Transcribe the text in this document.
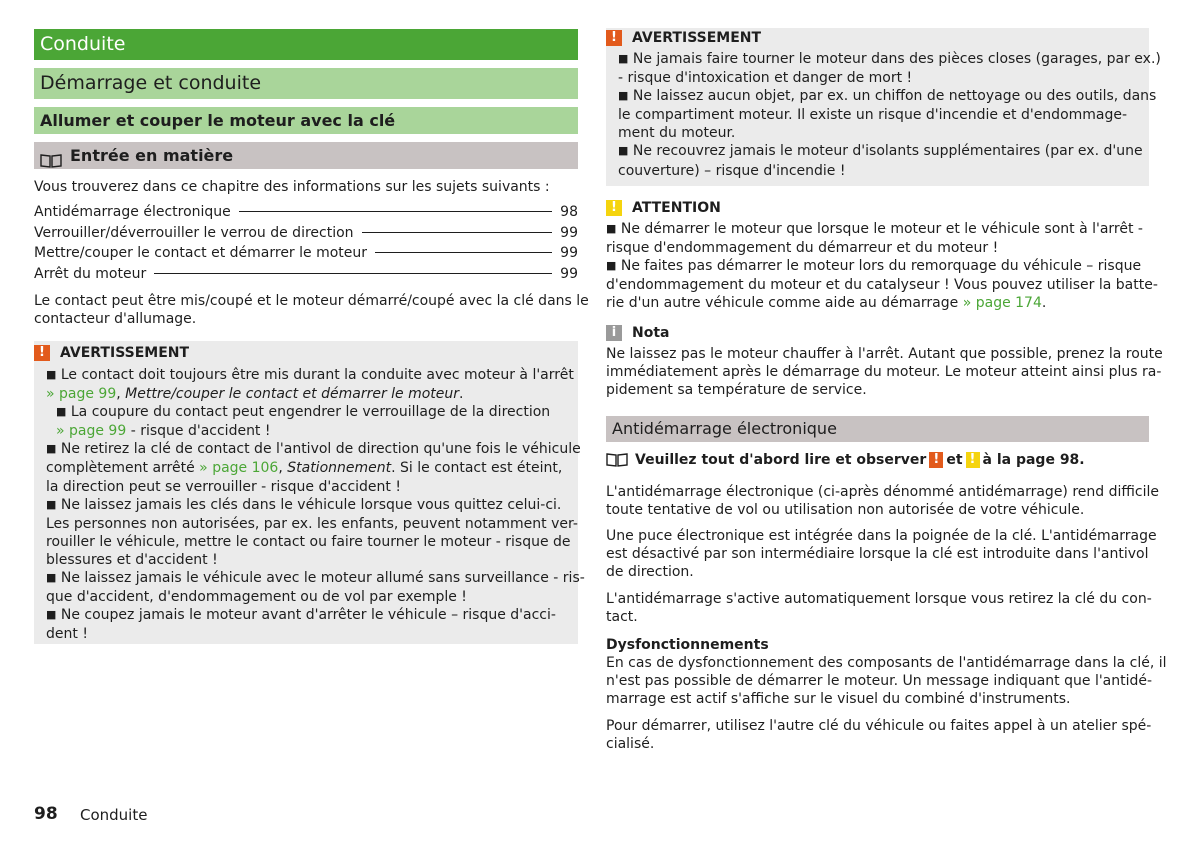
Conduite
Démarrage et conduite
Allumer et couper le moteur avec la clé
Entrée en matière

Vous trouverez dans ce chapitre des informations sur les sujets suivants :

Antidémarrage électronique	98
Verrouiller/déverrouiller le verrou de direction	99
Mettre/couper le contact et démarrer le moteur	99
Arrêt du moteur	99

Le contact peut être mis/coupé et le moteur démarré/coupé avec la clé dans le
contacteur d'allumage.

!	AVERTISSEMENT
■ Le contact doit toujours être mis durant la conduite avec moteur à l'arrêt
» page 99, Mettre/couper le contact et démarrer le moteur.
■ La coupure du contact peut engendrer le verrouillage de la direction
» page 99 - risque d'accident !
■ Ne retirez la clé de contact de l'antivol de direction qu'une fois le véhicule
complètement arrêté » page 106, Stationnement. Si le contact est éteint,
la direction peut se verrouiller - risque d'accident !
■ Ne laissez jamais les clés dans le véhicule lorsque vous quittez celui-ci.
Les personnes non autorisées, par ex. les enfants, peuvent notamment ver-
rouiller le véhicule, mettre le contact ou faire tourner le moteur - risque de
blessures et d'accident !
■ Ne laissez jamais le véhicule avec le moteur allumé sans surveillance - ris-
que d'accident, d'endommagement ou de vol par exemple !
■ Ne coupez jamais le moteur avant d'arrêter le véhicule – risque d'acci-
dent !
!	AVERTISSEMENT
■ Ne jamais faire tourner le moteur dans des pièces closes (garages, par ex.)
- risque d'intoxication et danger de mort !
■ Ne laissez aucun objet, par ex. un chiffon de nettoyage ou des outils, dans
le compartiment moteur. Il existe un risque d'incendie et d'endommage-
ment du moteur.
■ Ne recouvrez jamais le moteur d'isolants supplémentaires (par ex. d'une
couverture) – risque d'incendie !
!	ATTENTION
■ Ne démarrer le moteur que lorsque le moteur et le véhicule sont à l'arrêt -
risque d'endommagement du démarreur et du moteur !
■ Ne faites pas démarrer le moteur lors du remorquage du véhicule – risque
d'endommagement du moteur et du catalyseur ! Vous pouvez utiliser la batte-
rie d'un autre véhicule comme aide au démarrage » page 174.
i	Nota
Ne laissez pas le moteur chauffer à l'arrêt. Autant que possible, prenez la route
immédiatement après le démarrage du moteur. Le moteur atteint ainsi plus ra-
pidement sa température de service.
Antidémarrage électronique
Veuillez tout d'abord lire et observer ! et ! à la page 98.

L'antidémarrage électronique (ci-après dénommé antidémarrage) rend difficile
toute tentative de vol ou utilisation non autorisée de votre véhicule.

Une puce électronique est intégrée dans la poignée de la clé. L'antidémarrage
est désactivé par son intermédiaire lorsque la clé est introduite dans l'antivol
de direction.

L'antidémarrage s'active automatiquement lorsque vous retirez la clé du con-
tact.

Dysfonctionnements
En cas de dysfonctionnement des composants de l'antidémarrage dans la clé, il
n'est pas possible de démarrer le moteur. Un message indiquant que l'antidé-
marrage est actif s'affiche sur le visuel du combiné d'instruments.

Pour démarrer, utilisez l'autre clé du véhicule ou faites appel à un atelier spé-
cialisé.

98 Conduite
